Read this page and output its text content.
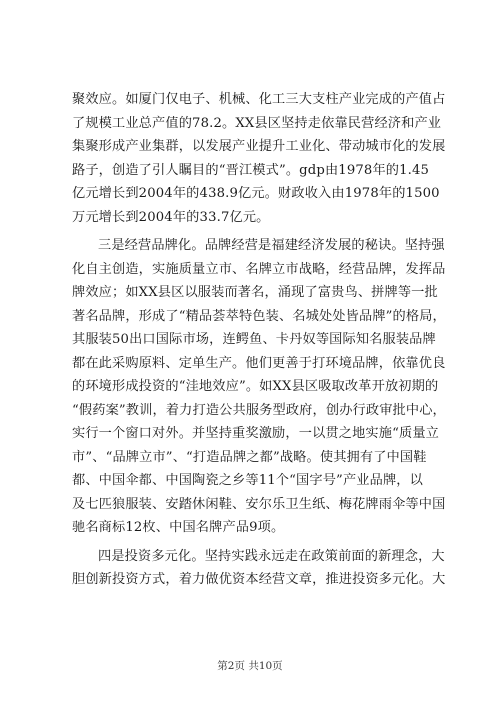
聚效应。如厦门仅电子、机械、化工三大支柱产业完成的产值占
了规模工业总产值的78.2。XX县区坚持走依靠民营经济和产业
集聚形成产业集群，以发展产业提升工业化、带动城市化的发展
路子，创造了引人瞩目的“晋江模式”。gdp由1978年的1.45
亿元增长到2004年的438.9亿元。财政收入由1978年的1500
万元增长到2004年的33.7亿元。
三是经营品牌化。品牌经营是福建经济发展的秘诀。坚持强
化自主创造，实施质量立市、名牌立市战略，经营品牌，发挥品
牌效应；如XX县区以服装而著名，涌现了富贵鸟、拼牌等一批
著名品牌，形成了“精品荟萃特色装、名城处处皆品牌”的格局，
其服装50出口国际市场，连鳄鱼、卡丹奴等国际知名服装品牌
都在此采购原料、定单生产。他们更善于打环境品牌，依靠优良
的环境形成投资的“洼地效应”。如XX县区吸取改革开放初期的
“假药案”教训，着力打造公共服务型政府，创办行政审批中心，
实行一个窗口对外。并坚持重奖激励，一以贯之地实施“质量立
市”、“品牌立市”、“打造品牌之都”战略。使其拥有了中国鞋
都、中国伞都、中国陶瓷之乡等11个“国字号”产业品牌，以
及七匹狼服装、安踏休闲鞋、安尔乐卫生纸、梅花牌雨伞等中国
驰名商标12枚、中国名牌产品9项。
四是投资多元化。坚持实践永远走在政策前面的新理念，大
胆创新投资方式，着力做优资本经营文章，推进投资多元化。大
第2页 共10页
